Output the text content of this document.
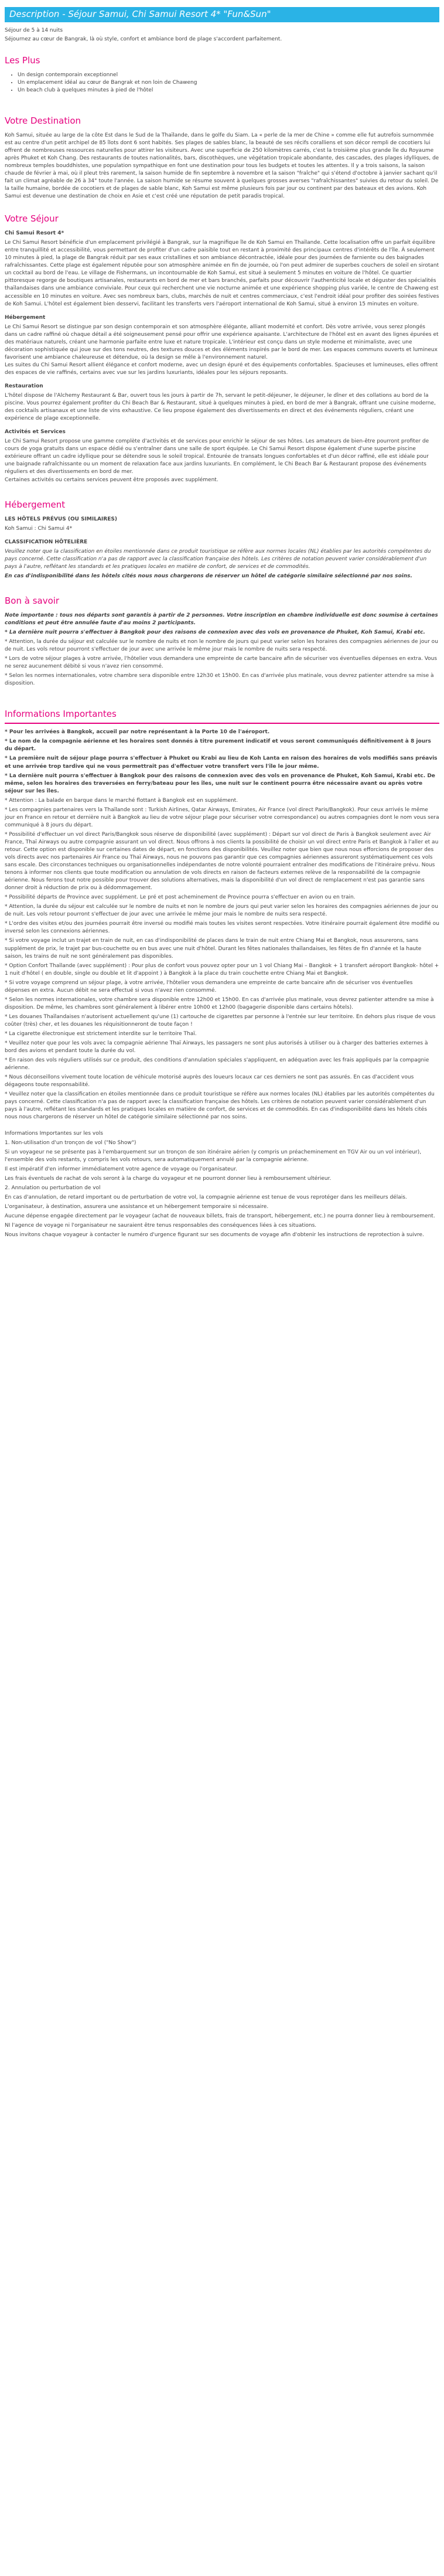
Description - Séjour Samui, Chi Samui Resort 4* "Fun&Sun"

Séjour de 5 à 14 nuits

Séjournez au cœur de Bangrak, là où style, confort et ambiance bord de plage s'accordent parfaitement.

Les Plus
• Un design contemporain exceptionnel
• Un emplacement idéal au cœur de Bangrak et non loin de Chaweng
• Un beach club à quelques minutes à pied de l'hôtel
Votre Destination

Koh Samui, située au large de la côte Est dans le Sud de la Thaïlande, dans le golfe du Siam. La « perle de la mer de Chine » comme elle fut autrefois surnommée est au centre d'un petit archipel de 85 îlots dont 6 sont habités. Ses plages de sables blanc, la beauté de ses récifs coralliens et son décor rempli de cocotiers lui offrent de nombreuses ressources naturelles pour attirer les visiteurs. Avec une superficie de 250 kilomètres carrés, c'est la troisième plus grande île du Royaume après Phuket et Koh Chang. Des restaurants de toutes nationalités, bars, discothèques, une végétation tropicale abondante, des cascades, des plages idylliques, de nombreux temples bouddhistes, une population sympathique en font une destination pour tous les budgets et toutes les attentes. Il y a trois saisons, la saison chaude de février à mai, où il pleut très rarement, la saison humide de fin septembre à novembre et la saison "fraîche" qui s'étend d'octobre à janvier sachant qu'il fait un climat agréable de 26 à 34° toute l'année. La saison humide se résume souvent à quelques grosses averses "rafraîchissantes" suivies du retour du soleil. De la taille humaine, bordée de cocotiers et de plages de sable blanc, Koh Samui est même plusieurs fois par jour ou continent par des bateaux et des avions. Koh Samui est devenue une destination de choix en Asie et c'est créé une réputation de petit paradis tropical.

Votre Séjour

Chi Samui Resort 4*

Le Chi Samui Resort bénéficie d'un emplacement privilégié à Bangrak, sur la magnifique île de Koh Samui en Thaïlande. Cette localisation offre un parfait équilibre entre tranquillité et accessibilité, vous permettant de profiter d'un cadre paisible tout en restant à proximité des principaux centres d'intérêts de l'île. À seulement 10 minutes à pied, la plage de Bangrak réduit par ses eaux cristallines et son ambiance décontractée, idéale pour des journées de farniente ou des baignades rafraîchissantes. Cette plage est également réputée pour son atmosphère animée en fin de journée, où l'on peut admirer de superbes couchers de soleil en sirotant un cocktail au bord de l'eau. Le village de Fishermans, un incontournable de Koh Samui, est situé à seulement 5 minutes en voiture de l'hôtel. Ce quartier pittoresque regorge de boutiques artisanales, restaurants en bord de mer et bars branchés, parfaits pour découvrir l'authenticité locale et déguster des spécialités thaïlandaises dans une ambiance conviviale. Pour ceux qui recherchent une vie nocturne animée et une expérience shopping plus variée, le centre de Chaweng est accessible en 10 minutes en voiture. Avec ses nombreux bars, clubs, marchés de nuit et centres commerciaux, c'est l'endroit idéal pour profiter des soirées festives de Koh Samui. L'hôtel est également bien desservi, facilitant les transferts vers l'aéroport international de Koh Samui, situé à environ 15 minutes en voiture.

Hébergement

Le Chi Samui Resort se distingue par son design contemporain et son atmosphère élégante, alliant modernité et confort. Dès votre arrivée, vous serez plongés dans un cadre raffiné où chaque détail a été soigneusement pensé pour offrir une expérience apaisante. L'architecture de l'hôtel est en avant des lignes épurées et des matériaux naturels, créant une harmonie parfaite entre luxe et nature tropicale. L'intérieur est conçu dans un style moderne et minimaliste, avec une décoration sophistiquée qui joue sur des tons neutres, des textures douces et des éléments inspirés par le bord de mer. Les espaces communs ouverts et lumineux favorisent une ambiance chaleureuse et détendue, où la design se mêle à l'environnement naturel.
Les suites du Chi Samui Resort allient élégance et confort moderne, avec un design épuré et des équipements confortables. Spacieuses et lumineuses, elles offrent des espaces de vie raffinés, certains avec vue sur les jardins luxuriants, idéales pour les séjours reposants.

Restauration

L'hôtel dispose de l'Alchemy Restaurant & Bar, ouvert tous les jours à partir de 7h, servant le petit-déjeuner, le déjeuner, le dîner et des collations au bord de la piscine. Vous pourrez également profiter du Chi Beach Bar & Restaurant, situé à quelques minutes à pied, en bord de mer à Bangrak, offrant une cuisine moderne, des cocktails artisanaux et une liste de vins exhaustive. Ce lieu propose également des divertissements en direct et des événements réguliers, créant une expérience de plage exceptionnelle.

Activités et Services

Le Chi Samui Resort propose une gamme complète d'activités et de services pour enrichir le séjour de ses hôtes. Les amateurs de bien-être pourront profiter de cours de yoga gratuits dans un espace dédié ou s'entraîner dans une salle de sport équipée. Le Chi Samui Resort dispose également d'une superbe piscine extérieure offrant un cadre idyllique pour se détendre sous le soleil tropical. Entourée de transats longues confortables et d'un décor raffiné, elle est idéale pour une baignade rafraîchissante ou un moment de relaxation face aux jardins luxuriants. En complément, le Chi Beach Bar & Restaurant propose des événements réguliers et des divertissements en bord de mer.
Certaines activités ou certains services peuvent être proposés avec supplément.

Hébergement

LES HÔTELS PRÉVUS (OU SIMILAIRES)

Koh Samui : Chi Samui 4*

CLASSIFICATION HÔTELIÈRE

Veuillez noter que la classification en étoiles mentionnée dans ce produit touristique se réfère aux normes locales (NL) établies par les autorités compétentes du pays concerné. Cette classification n'a pas de rapport avec la classification française des hôtels. Les critères de notation peuvent varier considérablement d'un pays à l'autre, reflétant les standards et les pratiques locales en matière de confort, de services et de commodités.

En cas d'indisponibilité dans les hôtels cités nous nous chargerons de réserver un hôtel de catégorie similaire sélectionné par nos soins.

Bon à savoir

Note importante : tous nos départs sont garantis à partir de 2 personnes. Votre inscription en chambre individuelle est donc soumise à certaines conditions et peut être annulée faute d'au moins 2 participants.

* La dernière nuit pourra s'effectuer à Bangkok pour des raisons de connexion avec des vols en provenance de Phuket, Koh Samui, Krabi etc.

* Attention, la durée du séjour est calculée sur le nombre de nuits et non le nombre de jours qui peut varier selon les horaires des compagnies aériennes de jour ou de nuit. Les vols retour pourront s'effectuer de jour avec une arrivée le même jour mais le nombre de nuits sera respecté.

* Lors de votre séjour plages à votre arrivée, l'hôtelier vous demandera une empreinte de carte bancaire afin de sécuriser vos éventuelles dépenses en extra. Vous ne serez aucunement débité si vous n'avez rien consommé.

* Selon les normes internationales, votre chambre sera disponible entre 12h30 et 15h00. En cas d'arrivée plus matinale, vous devrez patienter attendre sa mise à disposition.

Informations Importantes

* Pour les arrivées à Bangkok, accueil par notre représentant à la Porte 10 de l'aéroport.

* Le nom de la compagnie aérienne et les horaires sont donnés à titre purement indicatif et vous seront communiqués définitivement à 8 jours du départ.

* La première nuit de séjour plage pourra s'effectuer à Phuket ou Krabi au lieu de Koh Lanta en raison des horaires de vols modifiés sans préavis et une arrivée trop tardive qui ne vous permettrait pas d'effectuer votre transfert vers l'île le jour même.

* La dernière nuit pourra s'effectuer à Bangkok pour des raisons de connexion avec des vols en provenance de Phuket, Koh Samui, Krabi etc. De même, selon les horaires des traversées en ferry/bateau pour les îles, une nuit sur le continent pourra être nécessaire avant ou après votre séjour sur les îles.

* Attention : La balade en barque dans le marché flottant à Bangkok est en supplément.

* Les compagnies partenaires vers la Thaïlande sont : Turkish Airlines, Qatar Airways, Emirates, Air France (vol direct Paris/Bangkok). Pour ceux arrivés le même jour en France en retour et dernière nuit à Bangkok au lieu de votre séjour plage pour sécuriser votre correspondance) ou autres compagnies dont le nom vous sera communiqué à 8 jours du départ.

* Possibilité d'effectuer un vol direct Paris/Bangkok sous réserve de disponibilité (avec supplément) : Départ sur vol direct de Paris à Bangkok seulement avec Air France, Thaï Airways ou autre compagnie assurant un vol direct. Nous offrons à nos clients la possibilité de choisir un vol direct entre Paris et Bangkok à l'aller et au retour. Cette option est disponible sur certaines dates de départ, en fonctions des disponibilités. Veuillez noter que bien que nous nous efforcions de proposer des vols directs avec nos partenaires Air France ou Thaï Airways, nous ne pouvons pas garantir que ces compagnies aériennes assureront systématiquement ces vols sans escale. Des circonstances techniques ou organisationnelles indépendantes de notre volonté pourraient entraîner des modifications de l'itinéraire prévu. Nous tenons à informer nos clients que toute modification ou annulation de vols directs en raison de facteurs externes relève de la responsabilité de la compagnie aérienne. Nous ferons tout notre possible pour trouver des solutions alternatives, mais la disponibilité d'un vol direct de remplacement n'est pas garantie sans donner droit à réduction de prix ou à dédommagement.

* Possibilité départs de Province avec supplément. Le pré et post acheminement de Province pourra s'effectuer en avion ou en train.

* Attention, la durée du séjour est calculée sur le nombre de nuits et non le nombre de jours qui peut varier selon les horaires des compagnies aériennes de jour ou de nuit. Les vols retour pourront s'effectuer de jour avec une arrivée le même jour mais le nombre de nuits sera respecté.

* L'ordre des visites et/ou des journées pourrait être inversé ou modifié mais toutes les visites seront respectées. Votre itinéraire pourrait également être modifié ou inversé selon les connexions aériennes.

* Si votre voyage inclut un trajet en train de nuit, en cas d'indisponibilité de places dans le train de nuit entre Chiang Mai et Bangkok, nous assurerons, sans supplément de prix, le trajet par bus-couchette ou en bus avec une nuit d'hôtel. Durant les fêtes nationales thaïlandaises, les fêtes de fin d'année et la haute saison, les trains de nuit ne sont généralement pas disponibles.

* Option Confort Thaïlande (avec supplément) : Pour plus de confort vous pouvez opter pour un 1 vol Chiang Mai – Bangkok + 1 transfert aéroport Bangkok- hôtel + 1 nuit d'hôtel ( en double, single ou double et lit d'appoint ) à Bangkok à la place du train couchette entre Chiang Mai et Bangkok.

* Si votre voyage comprend un séjour plage, à votre arrivée, l'hôtelier vous demandera une empreinte de carte bancaire afin de sécuriser vos éventuelles dépenses en extra. Aucun débit ne sera effectué si vous n'avez rien consommé.

* Selon les normes internationales, votre chambre sera disponible entre 12h00 et 15h00. En cas d'arrivée plus matinale, vous devrez patienter attendre sa mise à disposition. De même, les chambres sont généralement à libérer entre 10h00 et 12h00 (bagagerie disponible dans certains hôtels).

* Les douanes Thaïlandaises n'autorisent actuellement qu'une (1) cartouche de cigarettes par personne à l'entrée sur leur territoire. En dehors plus risque de vous coûter (très) cher, et les douanes les réquisitionneront de toute façon !

* La cigarette électronique est strictement interdite sur le territoire Thaï.

* Veuillez noter que pour les vols avec la compagnie aérienne Thaï Airways, les passagers ne sont plus autorisés à utiliser ou à charger des batteries externes à bord des avions et pendant toute la durée du vol.

* En raison des vols réguliers utilisés sur ce produit, des conditions d'annulation spéciales s'appliquent, en adéquation avec les frais appliqués par la compagnie aérienne.

* Nous déconseillons vivement toute location de véhicule motorisé auprès des loueurs locaux car ces derniers ne sont pas assurés. En cas d'accident vous dégageons toute responsabilité.

* Veuillez noter que la classification en étoiles mentionnée dans ce produit touristique se réfère aux normes locales (NL) établies par les autorités compétentes du pays concerné. Cette classification n'a pas de rapport avec la classification française des hôtels. Les critères de notation peuvent varier considérablement d'un pays à l'autre, reflétant les standards et les pratiques locales en matière de confort, de services et de commodités. En cas d'indisponibilité dans les hôtels cités nous nous chargerons de réserver un hôtel de catégorie similaire sélectionné par nos soins.

Informations Importantes sur les vols

1. Non-utilisation d'un tronçon de vol ("No Show")

Si un voyageur ne se présente pas à l'embarquement sur un tronçon de son itinéraire aérien (y compris un préacheminement en TGV Air ou un vol intérieur), l'ensemble des vols restants, y compris les vols retours, sera automatiquement annulé par la compagnie aérienne.

Il est impératif d'en informer immédiatement votre agence de voyage ou l'organisateur.

Les frais éventuels de rachat de vols seront à la charge du voyageur et ne pourront donner lieu à remboursement ultérieur.

2. Annulation ou perturbation de vol

En cas d'annulation, de retard important ou de perturbation de votre vol, la compagnie aérienne est tenue de vous reprotéger dans les meilleurs délais.

L'organisateur, à destination, assurera une assistance et un hébergement temporaire si nécessaire.

Aucune dépense engagée directement par le voyageur (achat de nouveaux billets, frais de transport, hébergement, etc.) ne pourra donner lieu à remboursement.

NI l'agence de voyage ni l'organisateur ne sauraient être tenus responsables des conséquences liées à ces situations.

Nous invitons chaque voyageur à contacter le numéro d'urgence figurant sur ses documents de voyage afin d'obtenir les instructions de reprotection à suivre.
